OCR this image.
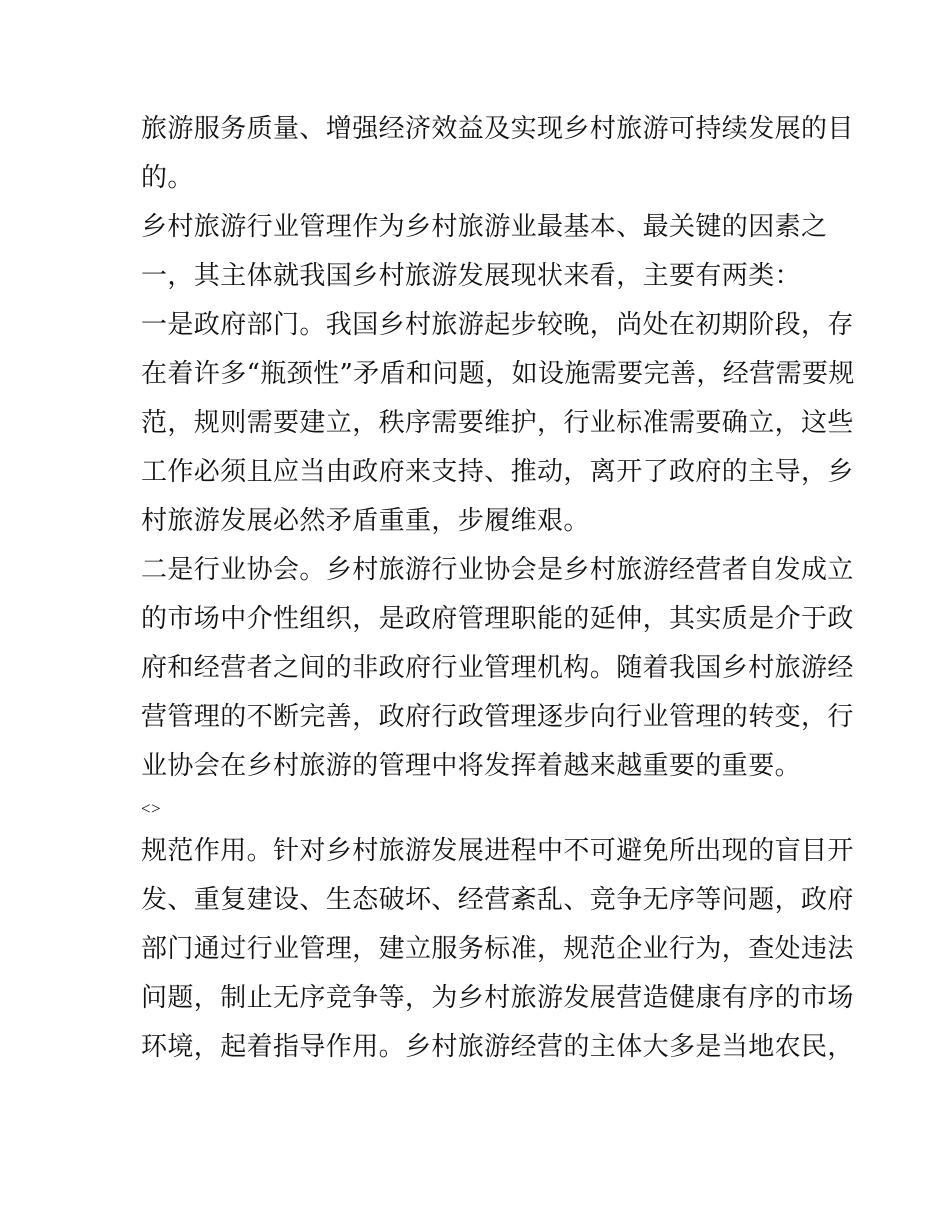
旅游服务质量、增强经济效益及实现乡村旅游可持续发展的目
的。
乡村旅游行业管理作为乡村旅游业最基本、最关键的因素之
一，其主体就我国乡村旅游发展现状来看，主要有两类：
一是政府部门。我国乡村旅游起步较晚，尚处在初期阶段，存
在着许多“瓶颈性”矛盾和问题，如设施需要完善，经营需要规
范，规则需要建立，秩序需要维护，行业标准需要确立，这些
工作必须且应当由政府来支持、推动，离开了政府的主导，乡
村旅游发展必然矛盾重重，步履维艰。
二是行业协会。乡村旅游行业协会是乡村旅游经营者自发成立
的市场中介性组织，是政府管理职能的延伸，其实质是介于政
府和经营者之间的非政府行业管理机构。随着我国乡村旅游经
营管理的不断完善，政府行政管理逐步向行业管理的转变，行
业协会在乡村旅游的管理中将发挥着越来越重要的重要。
<>
规范作用。针对乡村旅游发展进程中不可避免所出现的盲目开
发、重复建设、生态破坏、经营紊乱、竞争无序等问题，政府
部门通过行业管理，建立服务标准，规范企业行为，查处违法
问题，制止无序竞争等，为乡村旅游发展营造健康有序的市场
环境，起着指导作用。乡村旅游经营的主体大多是当地农民，
